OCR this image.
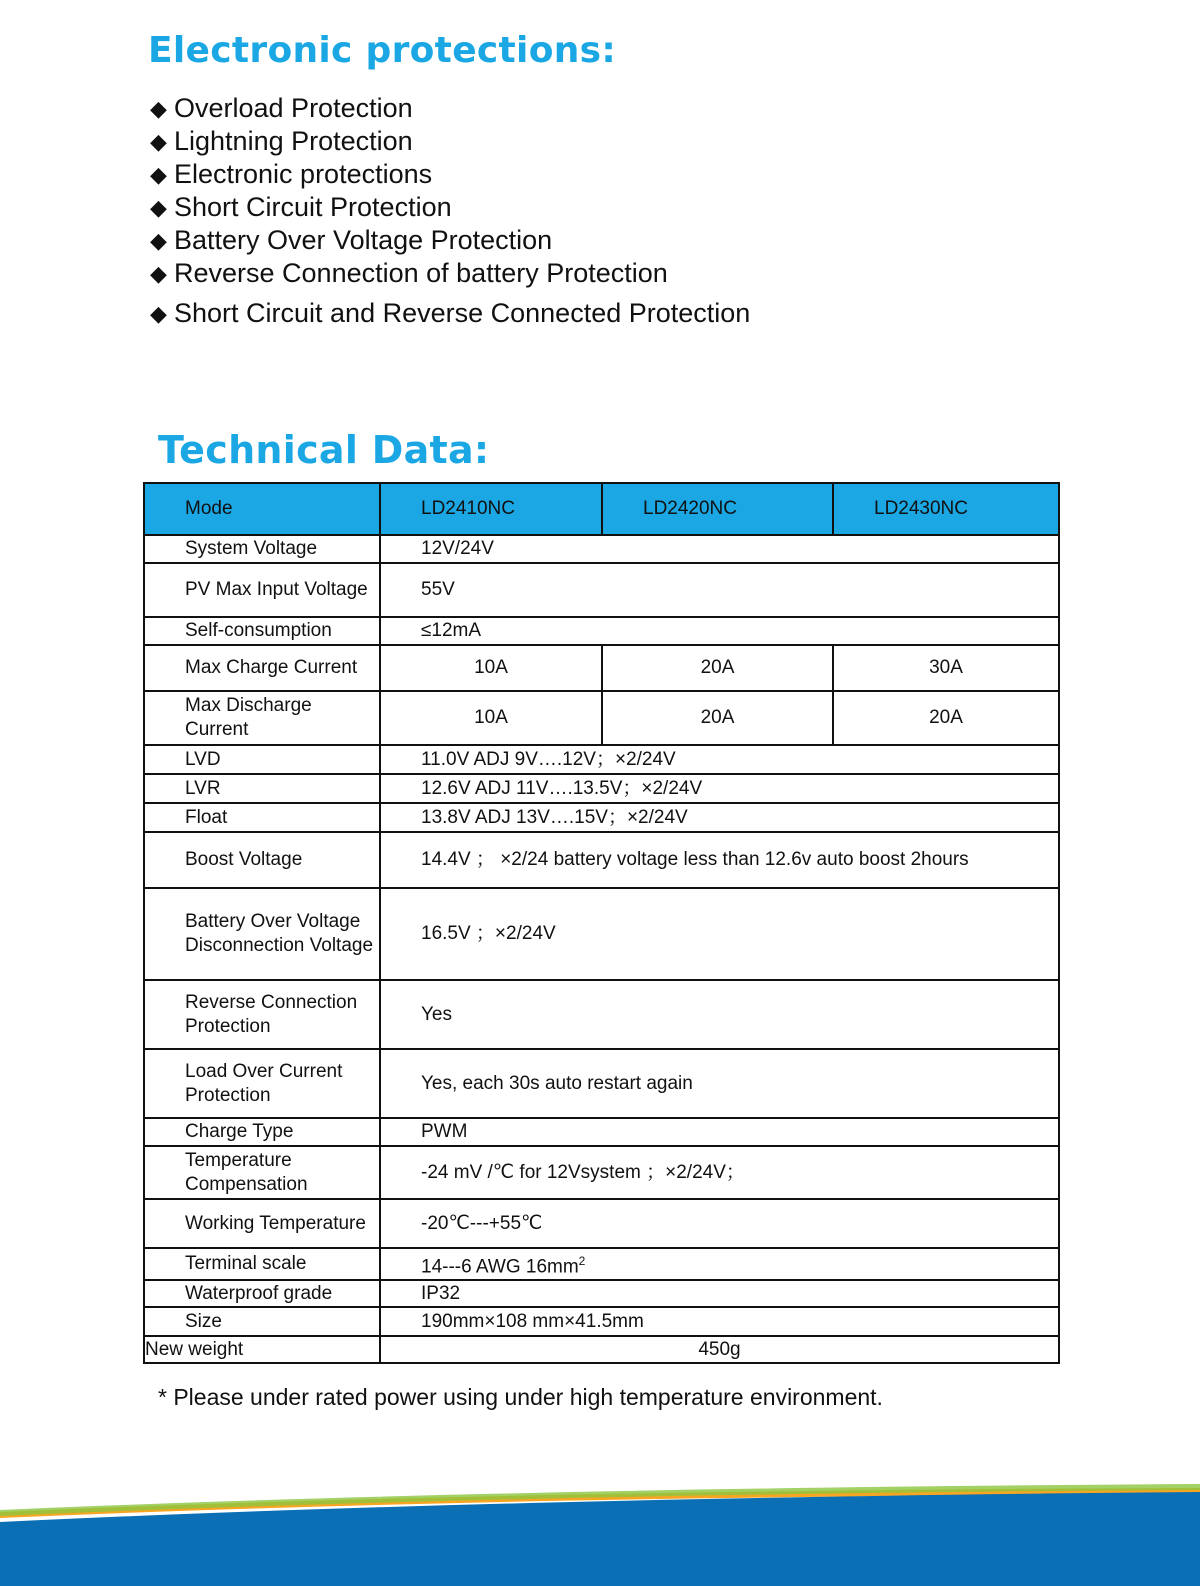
Electronic protections:
◆ Overload Protection
◆ Lightning Protection
◆ Electronic protections
◆ Short Circuit Protection
◆ Battery Over Voltage Protection
◆ Reverse Connection of battery Protection
◆ Short Circuit and Reverse Connected Protection
Technical Data:
Mode	LD2410NC	LD2420NC	LD2430NC
System Voltage	12V/24V		
PV Max Input Voltage	55V		
Self-consumption	≤12mA		
Max Charge Current	10A	20A	30A
Max Discharge Current	10A	20A	20A
LVD	11.0V ADJ 9V….12V；×2/24V		
LVR	12.6V ADJ 11V….13.5V；×2/24V		
Float	13.8V ADJ 13V….15V；×2/24V		
Boost Voltage	14.4V ； ×2/24 battery voltage less than 12.6v auto boost 2hours		
Battery Over Voltage Disconnection Voltage	16.5V ；×2/24V		
Reverse Connection Protection	Yes		
Load Over Current Protection	Yes, each 30s auto restart again		
Charge Type	PWM		
Temperature Compensation	-24 mV /℃ for 12Vsystem ；×2/24V；		
Working Temperature	-20℃---+55℃		
Terminal scale	14---6 AWG $16mm^2$
Waterproof grade	IP32		
Size	190mm×108 mm×41.5mm		
New weight	450g		
* Please under rated power using under high temperature environment.
